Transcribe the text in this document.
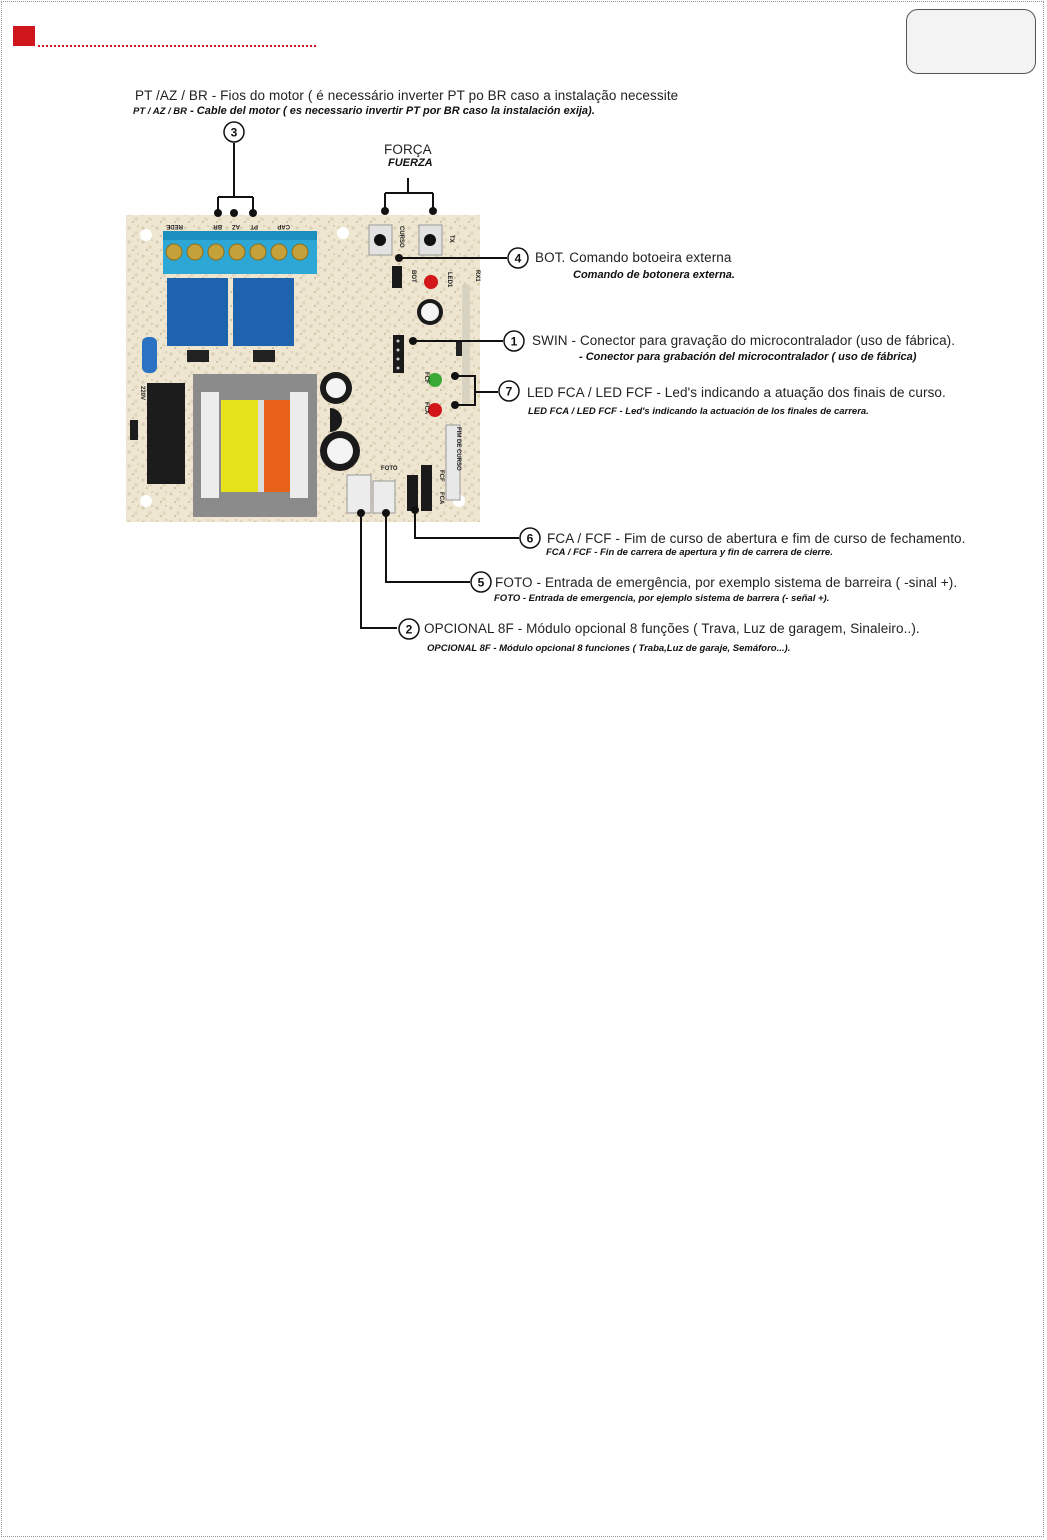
REDE	BR AZ PT	CAP
220V
CURSO	TX
BOT	LED1	RX1
FCF
FCA
FIM DE CURSO
FOTO
FCF
FCA
3
4
1
7
6
5
2
PT /AZ / BR - Fios do motor ( é necessário inverter PT po BR caso a instalação necessite
PT / AZ / BR - Cable del motor ( es necessario invertir PT por BR caso la instalación exija).
FORÇA
FUERZA
BOT. Comando botoeira externa
Comando de botonera externa.
SWIN - Conector para gravação do microcontralador (uso de fábrica).
- Conector para grabación del microcontralador ( uso de fábrica)
LED FCA / LED FCF - Led's indicando a atuação dos finais de curso.
LED FCA / LED FCF - Led's indicando la actuación de los finales de carrera.
FCA / FCF - Fim de curso de abertura e fim de curso de fechamento.
FCA / FCF - Fin de carrera de apertura y fin de carrera de cierre.
FOTO - Entrada de emergência, por exemplo sistema de barreira ( -sinal +).
FOTO - Entrada de emergencia, por ejemplo sistema de barrera (- señal +).
OPCIONAL 8F - Módulo opcional 8 funções ( Trava, Luz de garagem, Sinaleiro..).
OPCIONAL 8F - Módulo opcional 8 funciones ( Traba,Luz de garaje, Semáforo...).
